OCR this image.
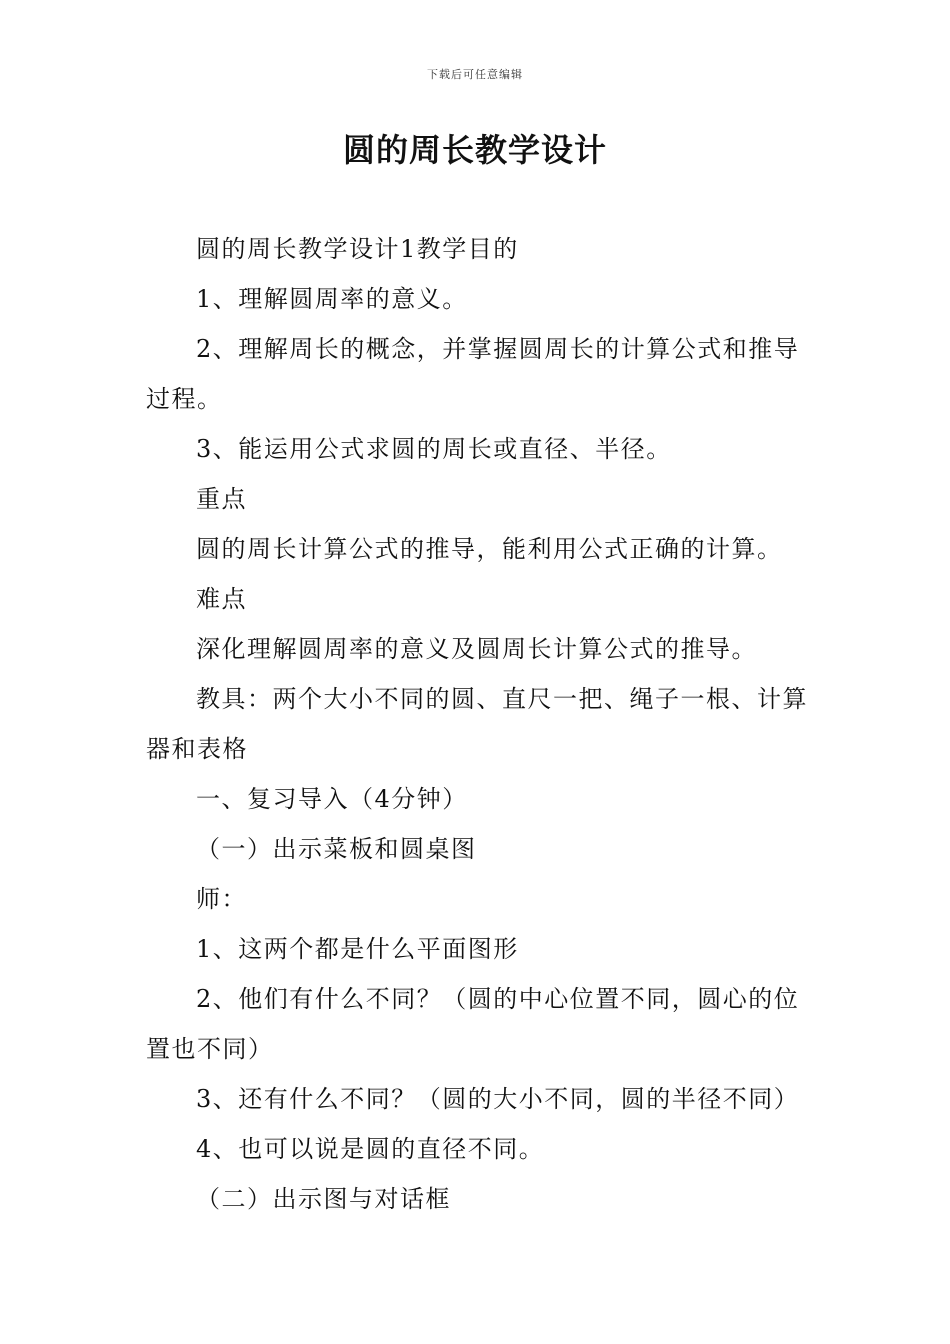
下载后可任意编辑
圆的周长教学设计

圆的周长教学设计1教学目的

1、理解圆周率的意义。

2、理解周长的概念，并掌握圆周长的计算公式和推导过程。

3、能运用公式求圆的周长或直径、半径。

重点

圆的周长计算公式的推导，能利用公式正确的计算。

难点

深化理解圆周率的意义及圆周长计算公式的推导。

教具：两个大小不同的圆、直尺一把、绳子一根、计算器和表格

一、复习导入（4分钟）

（一）出示菜板和圆桌图

师：

1、这两个都是什么平面图形

2、他们有什么不同？（圆的中心位置不同，圆心的位置也不同）

3、还有什么不同？（圆的大小不同，圆的半径不同）

4、也可以说是圆的直径不同。

（二）出示图与对话框
